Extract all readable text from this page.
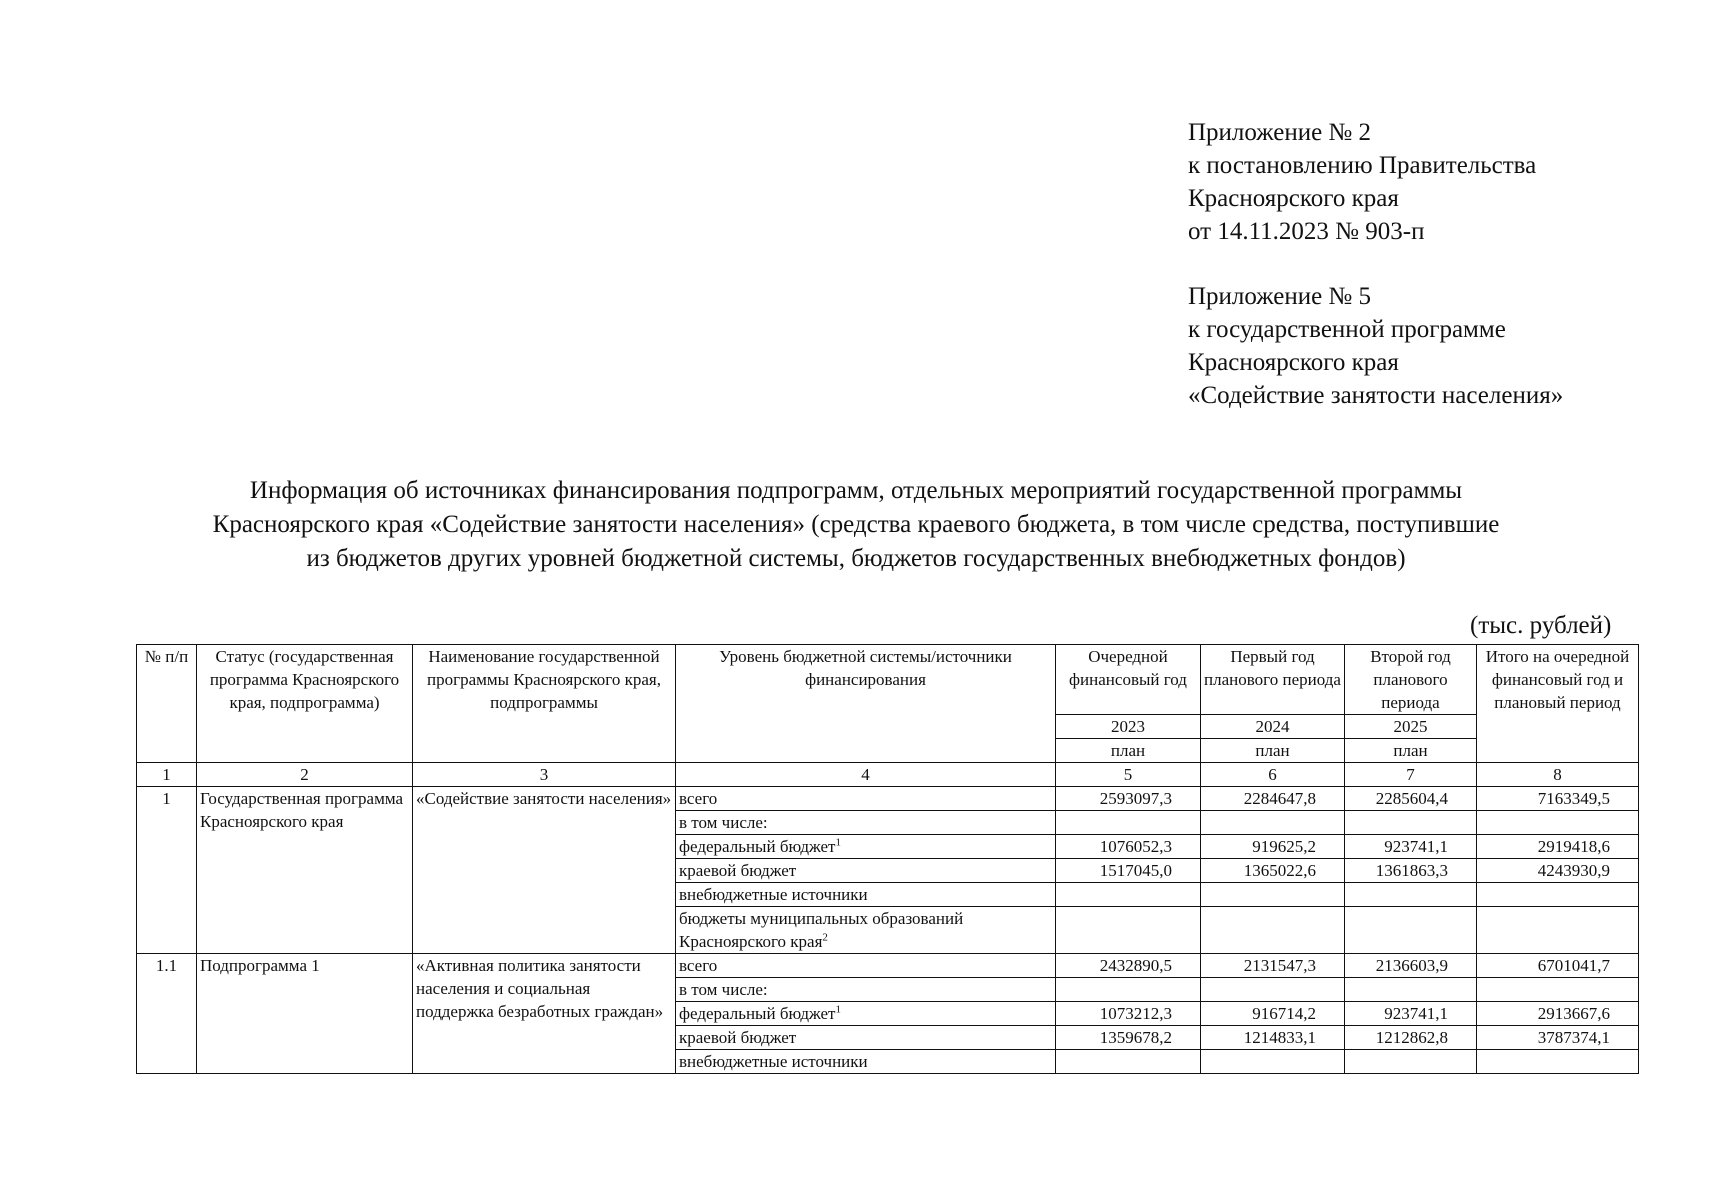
Приложение № 2
к постановлению Правительства
Красноярского края
от 14.11.2023 № 903-п
Приложение № 5
к государственной программе
Красноярского края
«Содействие занятости населения»
Информация об источниках финансирования подпрограмм, отдельных мероприятий государственной программы
Красноярского края «Содействие занятости населения» (средства краевого бюджета, в том числе средства, поступившие
из бюджетов других уровней бюджетной системы, бюджетов государственных внебюджетных фондов)
(тыс. рублей)
№ п/п	Статус (государственная программа Красноярского края, подпрограмма)	Наименование государственной программы Красноярского края, подпрограммы	Уровень бюджетной системы/источники финансирования	Очередной финансовый год	Первый год планового периода	Второй год планового периода	Итого на очередной финансовый год и плановый период
				2023	2024	2025	
				план	план	план	
1	2	3	4	5	6	7	8
1	Государственная программа Красноярского края	«Содействие занятости населения»	всего	2593097,3	2284647,8	2285604,4	7163349,5
			в том числе:				
			федеральный бюджет$^1$	1076052,3	919625,2	923741,1	2919418,6
			краевой бюджет	1517045,0	1365022,6	1361863,3	4243930,9
			внебюджетные источники				

			бюджеты муниципальных образований
Красноярского края$^2$

1.1	Подпрограмма 1	«Активная политика занятости населения и социальная поддержка безработных граждан»	всего	2432890,5	2131547,3	2136603,9	6701041,7
			в том числе:				
			федеральный бюджет$^1$	1073212,3	916714,2	923741,1	2913667,6
			краевой бюджет	1359678,2	1214833,1	1212862,8	3787374,1
			внебюджетные источники				
